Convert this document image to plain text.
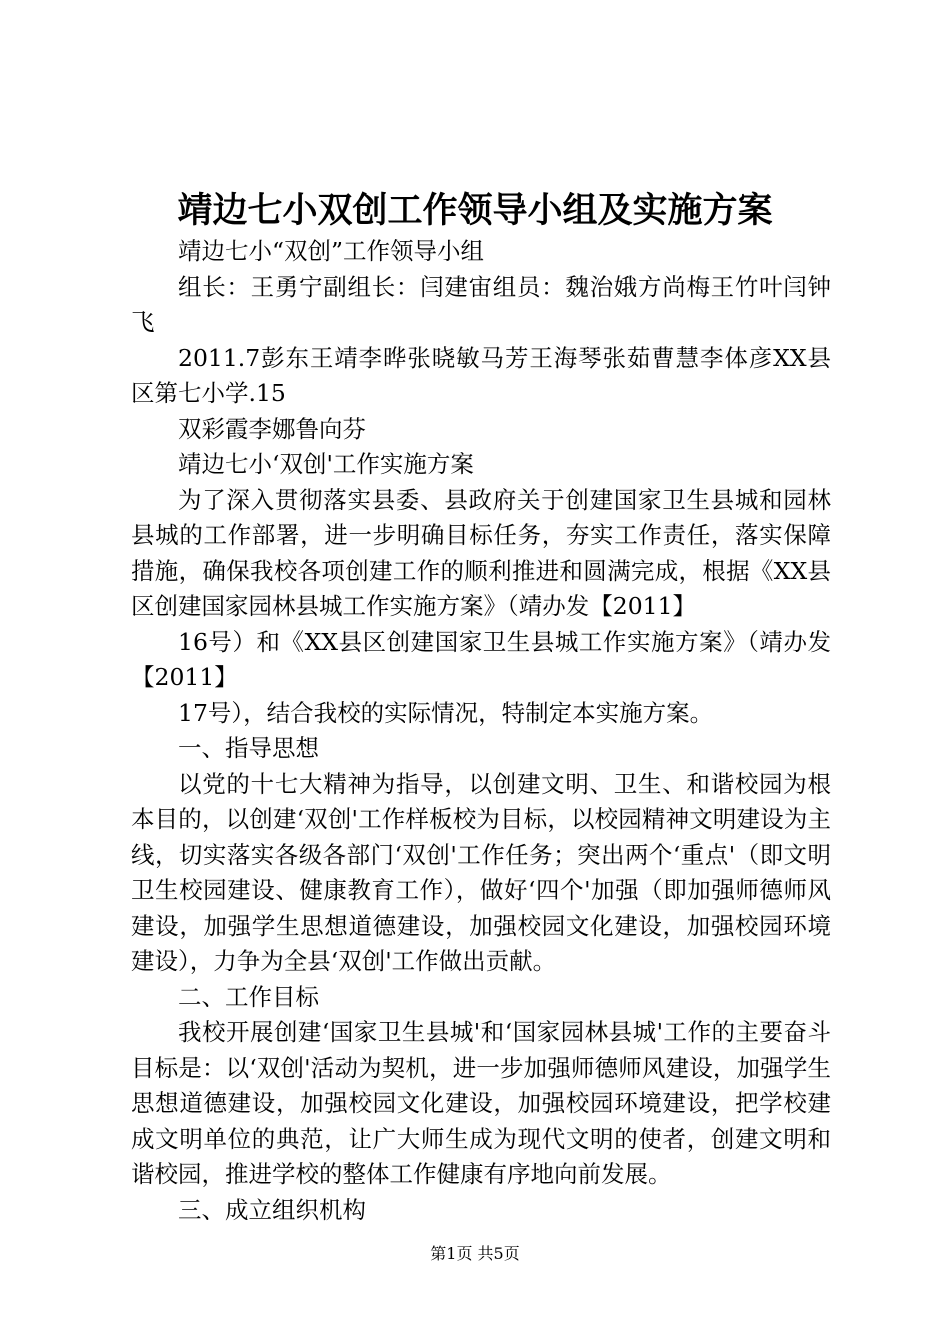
靖边七小双创工作领导小组及实施方案

靖边七小“双创”工作领导小组

组长：王勇宁副组长：闫建宙组员：魏治娥方尚梅王竹叶闫钟飞

2011.7彭东王靖李晔张晓敏马芳王海琴张茹曹慧李体彦XX县区第七小学.15

双彩霞李娜鲁向芬

靖边七小‘双创'工作实施方案

为了深入贯彻落实县委、县政府关于创建国家卫生县城和园林县城的工作部署，进一步明确目标任务，夯实工作责任，落实保障措施，确保我校各项创建工作的顺利推进和圆满完成，根据《XX县区创建国家园林县城工作实施方案》（靖办发【2011】

16号）和《XX县区创建国家卫生县城工作实施方案》（靖办发【2011】

17号），结合我校的实际情况，特制定本实施方案。

一、指导思想

以党的十七大精神为指导，以创建文明、卫生、和谐校园为根本目的，以创建‘双创'工作样板校为目标，以校园精神文明建设为主线，切实落实各级各部门‘双创'工作任务；突出两个‘重点'（即文明卫生校园建设、健康教育工作），做好‘四个'加强（即加强师德师风建设，加强学生思想道德建设，加强校园文化建设，加强校园环境建设），力争为全县‘双创'工作做出贡献。

二、工作目标

我校开展创建‘国家卫生县城'和‘国家园林县城'工作的主要奋斗目标是：以‘双创'活动为契机，进一步加强师德师风建设，加强学生思想道德建设，加强校园文化建设，加强校园环境建设，把学校建成文明单位的典范，让广大师生成为现代文明的使者，创建文明和谐校园，推进学校的整体工作健康有序地向前发展。

三、成立组织机构

第1页 共5页
